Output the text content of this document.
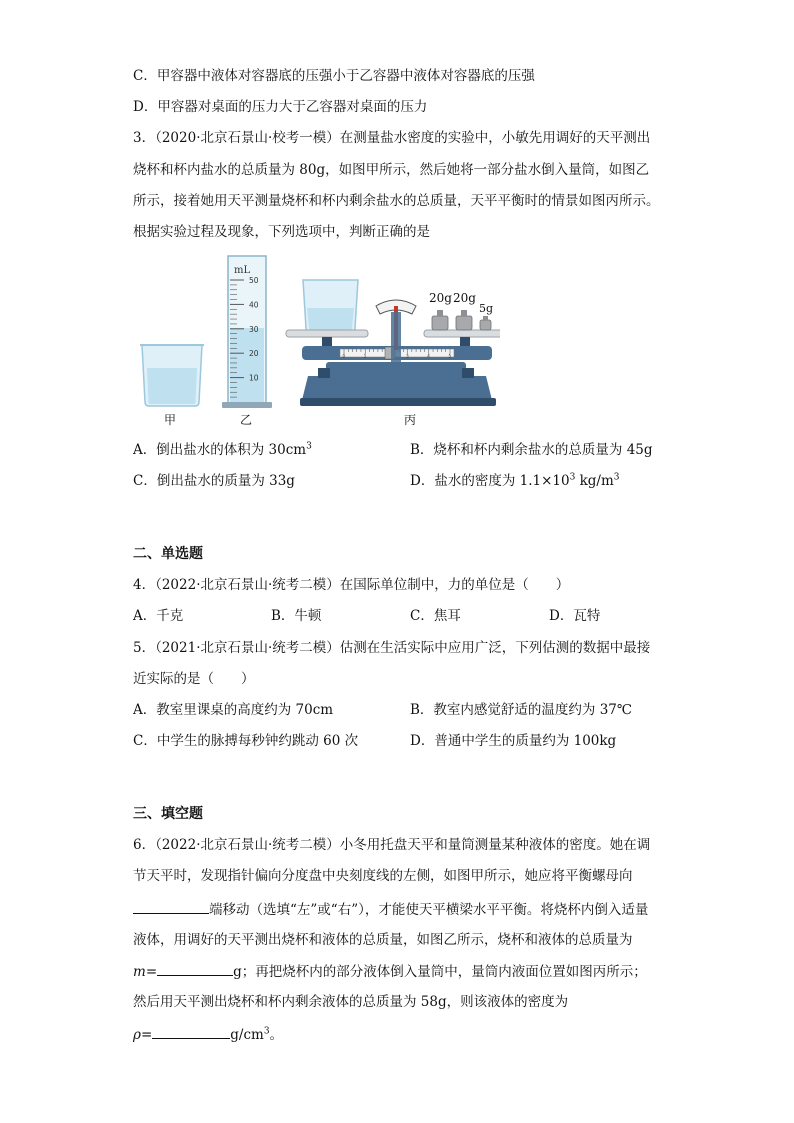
C．甲容器中液体对容器底的压强小于乙容器中液体对容器底的压强
D．甲容器对桌面的压力大于乙容器对桌面的压力
3．（2020·北京石景山·校考一模）在测量盐水密度的实验中，小敏先用调好的天平测出
烧杯和杯内盐水的总质量为 80g，如图甲所示，然后她将一部分盐水倒入量筒，如图乙
所示，接着她用天平测量烧杯和杯内剩余盐水的总质量，天平平衡时的情景如图丙所示。
根据实验过程及现象，下列选项中，判断正确的是
mL
50
40
30
20
10
0	1	3	4	5
20g 20g
5g
甲	乙	丙
A．倒出盐水的体积为 $30cm^3$	B．烧杯和杯内剩余盐水的总质量为 45g
C．倒出盐水的质量为 33g	D．盐水的密度为 $1.1\times 10^3$ $kg/m^3$
二、单选题
4．（2022·北京石景山·统考二模）在国际单位制中，力的单位是（　　）
A．千克	B．牛顿	C．焦耳	D．瓦特
5．（2021·北京石景山·统考二模）估测在生活实际中应用广泛，下列估测的数据中最接
近实际的是（　　）
A．教室里课桌的高度约为 70cm	B．教室内感觉舒适的温度约为 37℃
C．中学生的脉搏每秒钟约跳动 60 次	D．普通中学生的质量约为 100kg
三、填空题
6．（2022·北京石景山·统考二模）小冬用托盘天平和量筒测量某种液体的密度。她在调
节天平时，发现指针偏向分度盘中央刻度线的左侧，如图甲所示，她应将平衡螺母向
端移动（选填“左”或“右”），才能使天平横梁水平平衡。将烧杯内倒入适量
液体，用调好的天平测出烧杯和液体的总质量，如图乙所示，烧杯和液体的总质量为
m=	g；再把烧杯内的部分液体倒入量筒中，量筒内液面位置如图丙所示；
然后用天平测出烧杯和杯内剩余液体的总质量为 58g，则该液体的密度为
ρ=	$g/cm^3$。
